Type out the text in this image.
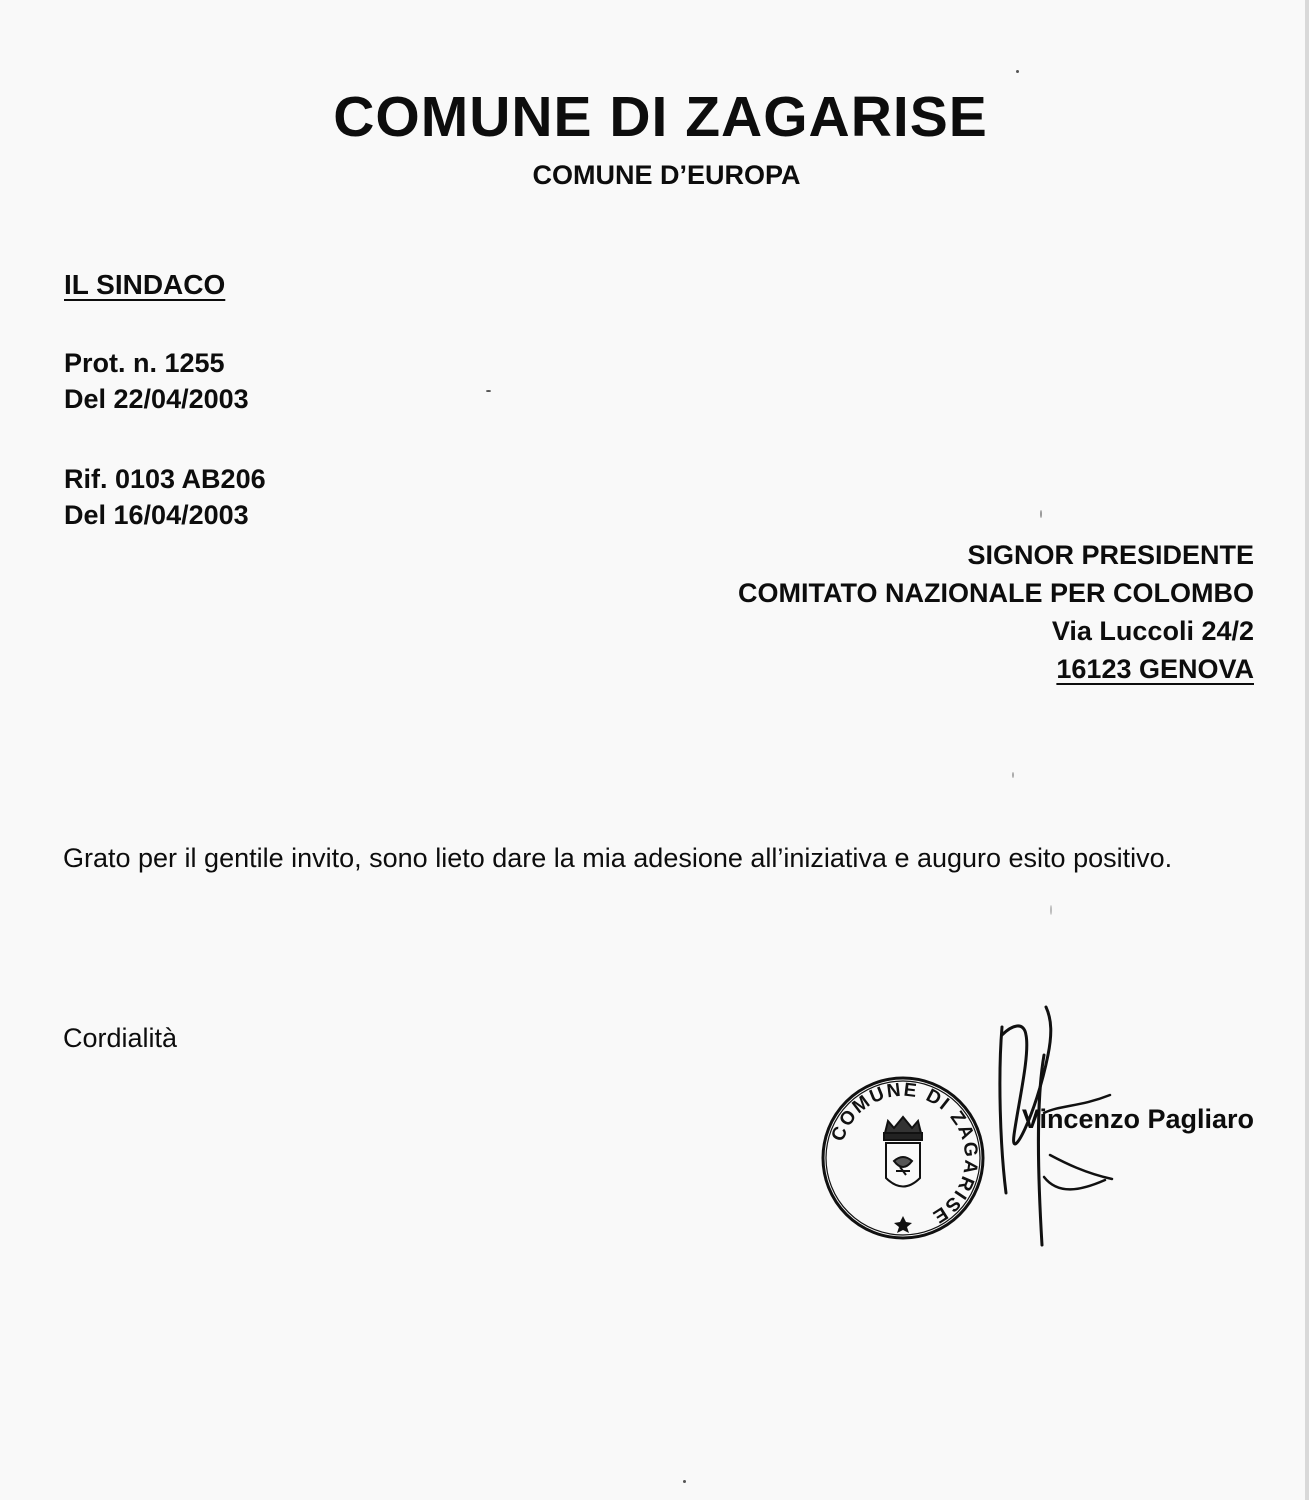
COMUNE DI ZAGARISE
COMUNE D’EUROPA
IL SINDACO
Prot. n. 1255
Del 22/04/2003
Rif. 0103 AB206
Del 16/04/2003
SIGNOR PRESIDENTE
COMITATO NAZIONALE PER COLOMBO
Via Luccoli 24/2
16123 GENOVA
Grato per il gentile invito, sono lieto dare la mia adesione all’iniziativa e augurо esito positivo.
Cordialità
COMUNE DI ZAGARISE
Vincenzo Pagliaro
